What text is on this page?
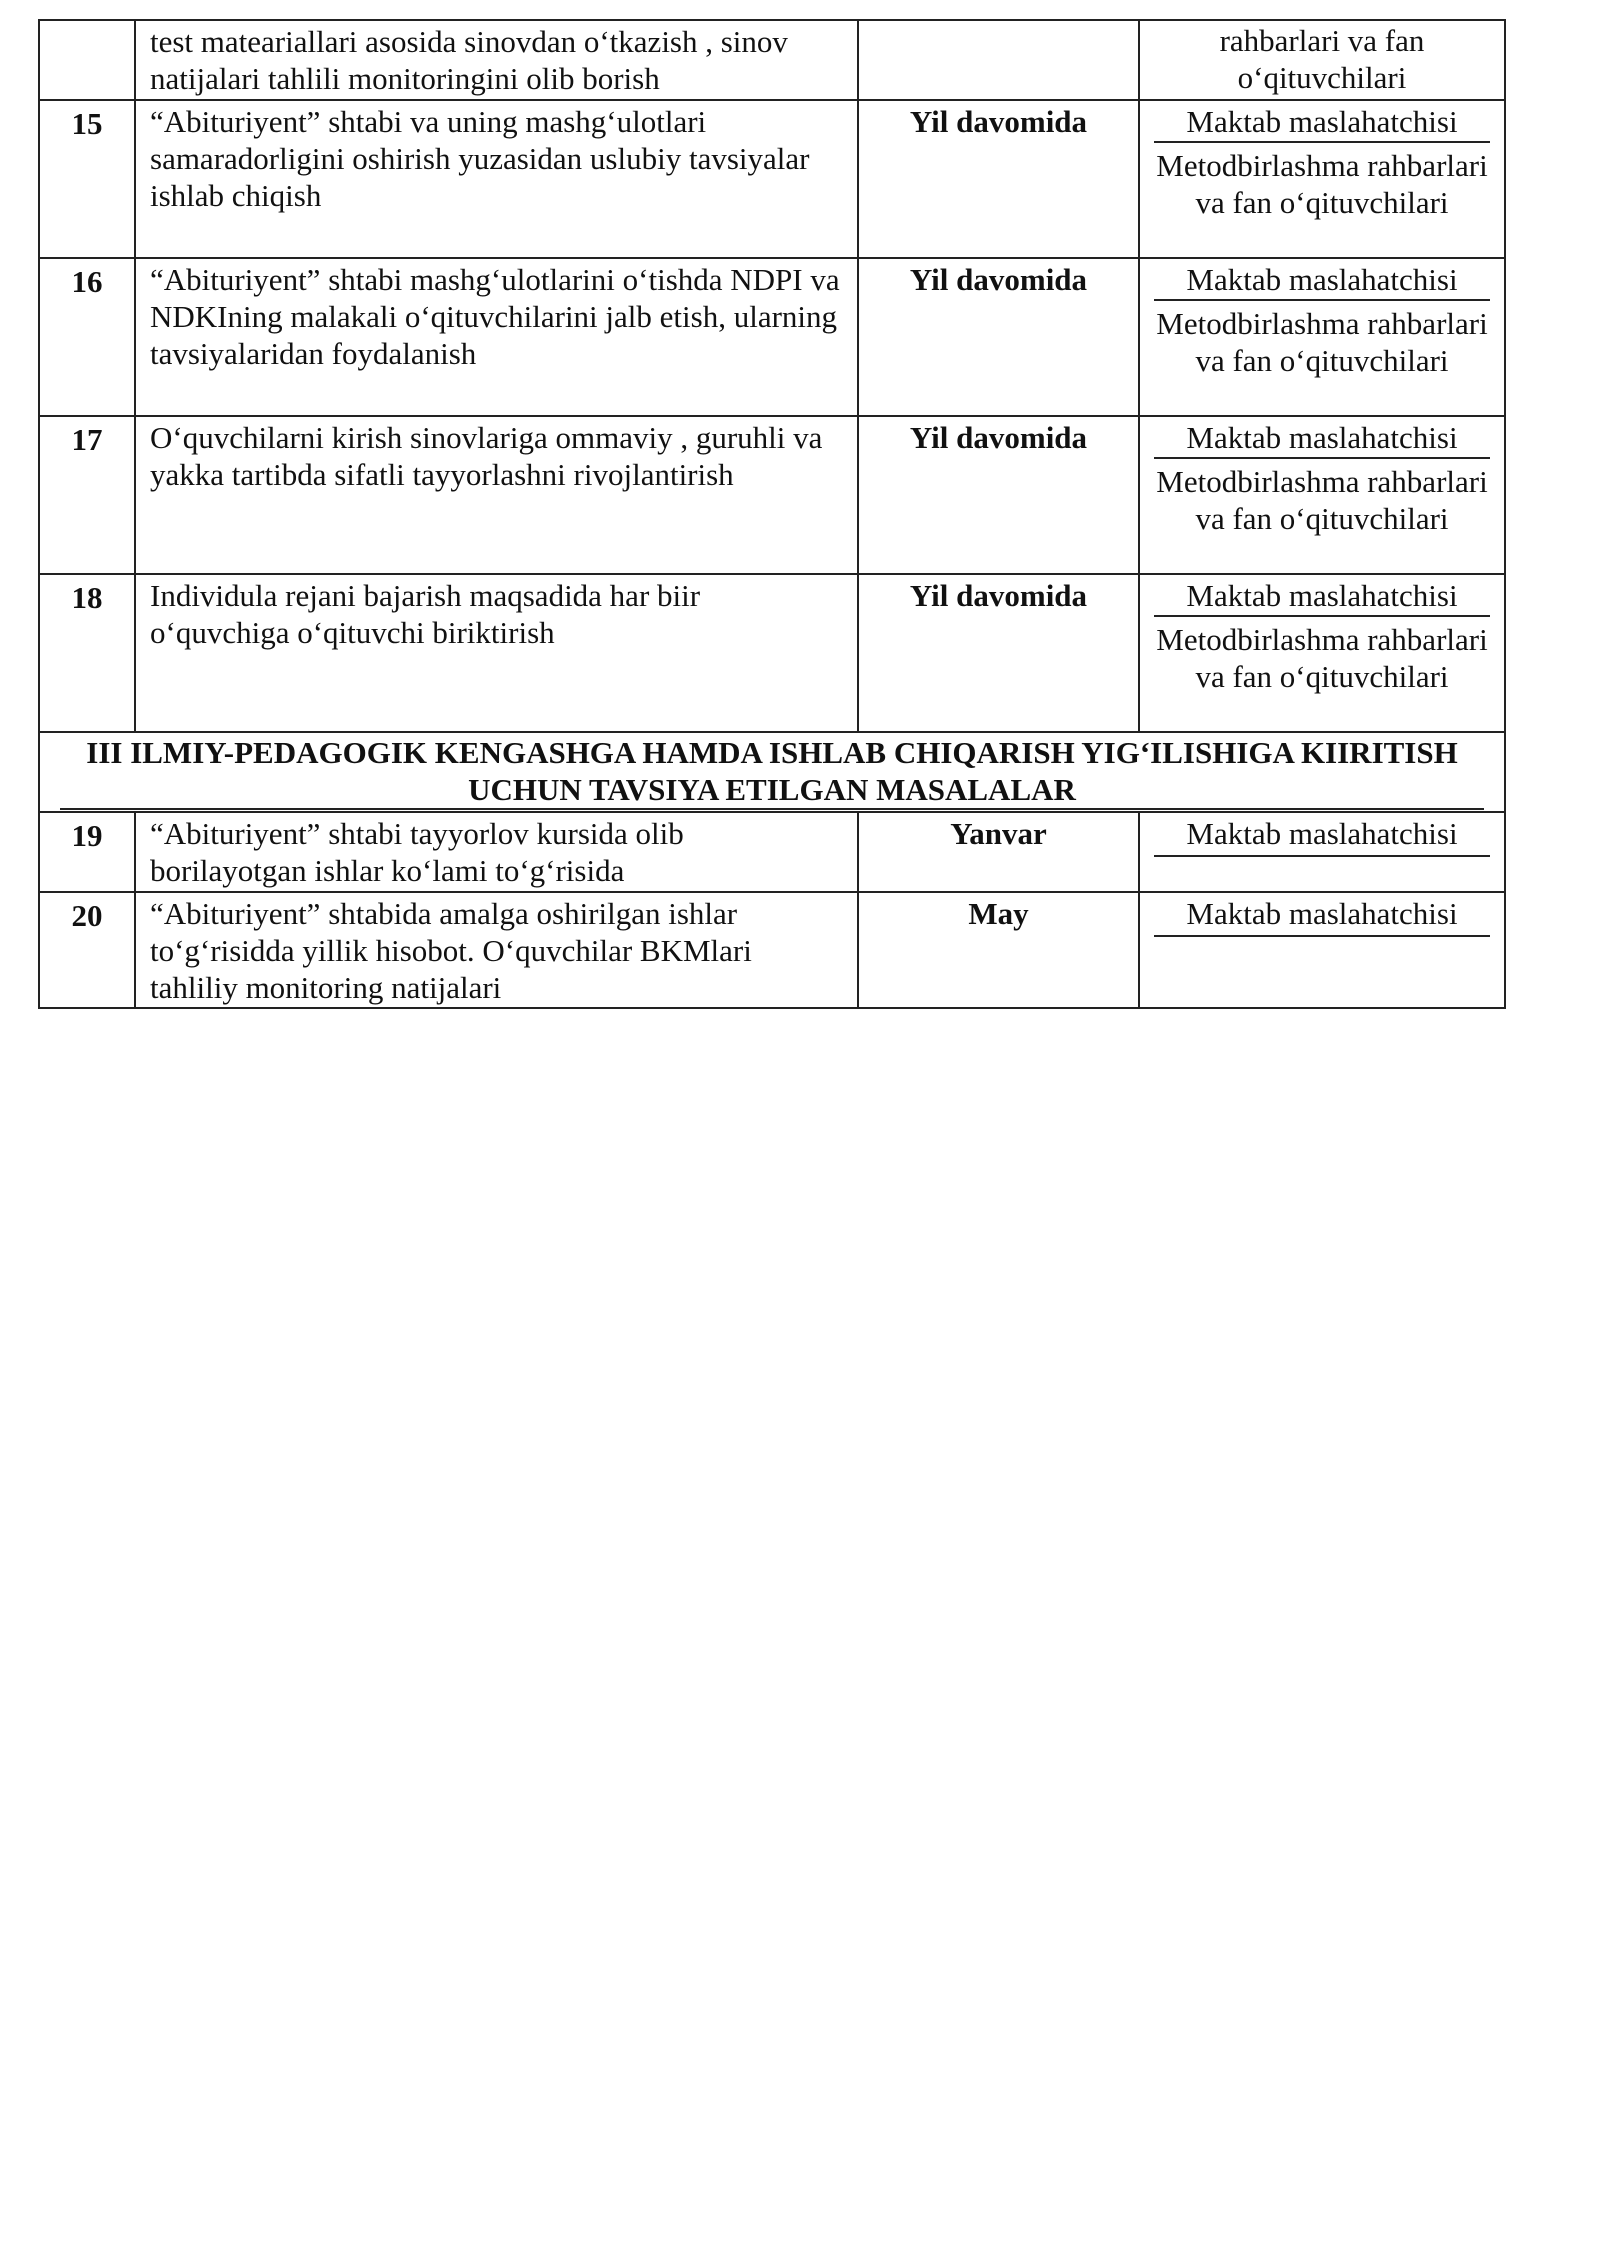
	test mateariallari asosida sinovdan o‘tkazish , sinov natijalari tahlili monitoringini olib borish		rahbarlari va fan o‘qituvchilari

15	“Abituriyent” shtabi va uning mashg‘ulotlari samaradorligini oshirish yuzasidan uslubiy tavsiyalar ishlab chiqish	Yil davomida	Maktab maslahatchisi
Metodbirlashma rahbarlari va fan o‘qituvchilari

16	“Abituriyent” shtabi mashg‘ulotlarini o‘tishda NDPI va NDKIning malakali o‘qituvchilarini jalb etish, ularning tavsiyalaridan foydalanish	Yil davomida	Maktab maslahatchisi
Metodbirlashma rahbarlari va fan o‘qituvchilari

17	O‘quvchilarni kirish sinovlariga ommaviy , guruhli va yakka tartibda sifatli tayyorlashni rivojlantirish	Yil davomida	Maktab maslahatchisi
Metodbirlashma rahbarlari va fan o‘qituvchilari

18	Individula rejani bajarish maqsadida har biir o‘quvchiga o‘qituvchi biriktirish	Yil davomida	Maktab maslahatchisi
Metodbirlashma rahbarlari va fan o‘qituvchilari

III ILMIY-PEDAGOGIK KENGASHGA HAMDA ISHLAB CHIQARISH YIG‘ILISHIGA KIIRITISH

UCHUN TAVSIYA ETILGAN MASALALAR			

19	“Abituriyent” shtabi tayyorlov kursida olib borilayotgan ishlar ko‘lami to‘g‘risida	Yanvar	Maktab maslahatchisi

20	“Abituriyent” shtabida amalga oshirilgan ishlar to‘g‘risidda yillik hisobot. O‘quvchilar BKMlari tahliliy monitoring natijalari	May	Maktab maslahatchisi
